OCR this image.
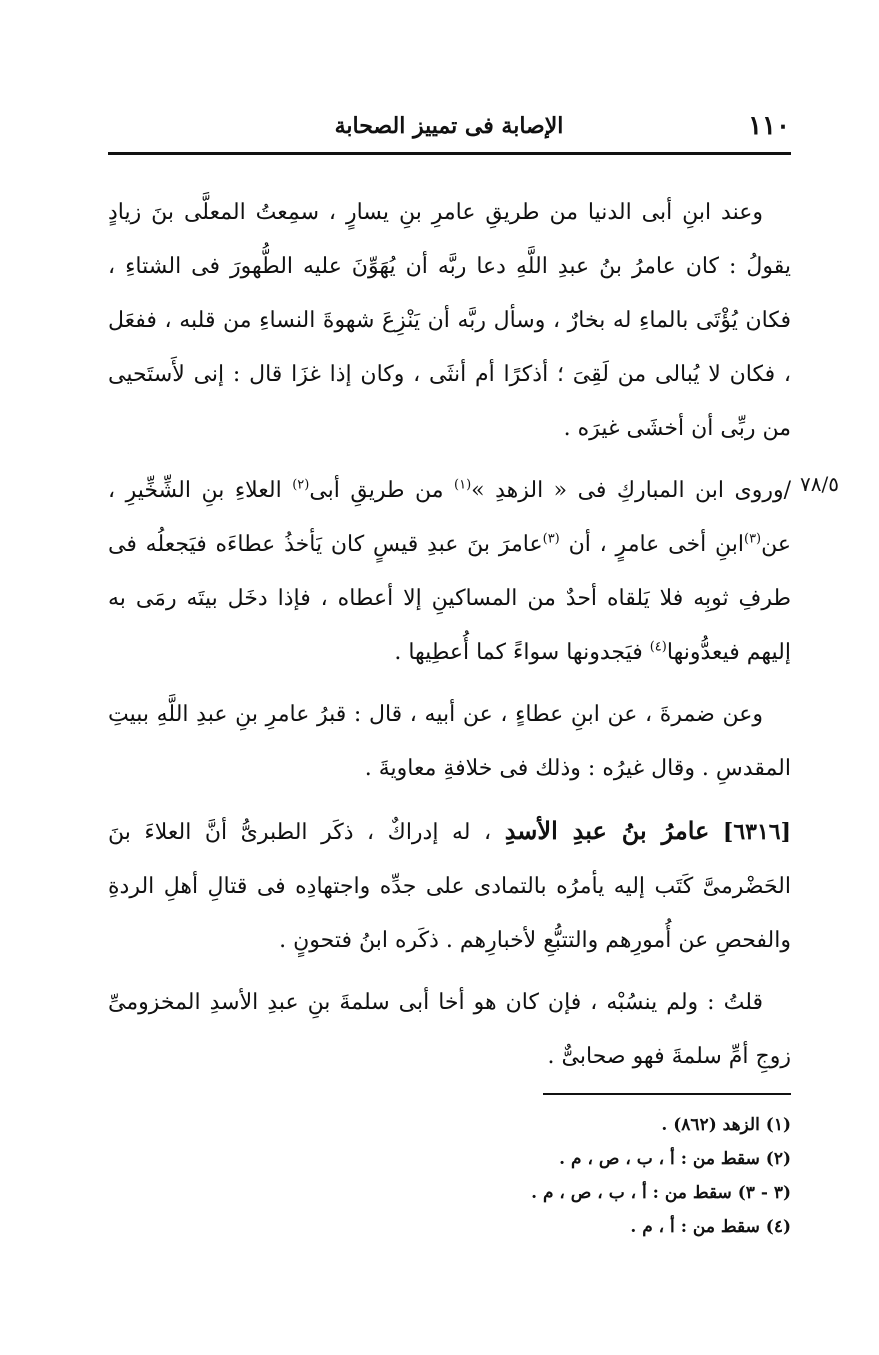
١١٠
الإصابة فى تمييز الصحابة
٧٨/٥

وعند ابنِ أبى الدنيا من طريقِ عامرِ بنِ يسارٍ ، سمِعتُ المعلَّى بنَ زيادٍ يقولُ : كان عامرُ بنُ عبدِ اللَّهِ دعا ربَّه أن يُهَوِّنَ عليه الطُّهورَ فى الشتاءِ ، فكان يُؤْتَى بالماءِ له بخارٌ ، وسأل ربَّه أن يَنْزِعَ شهوةَ النساءِ من قلبه ، ففعَل ، فكان لا يُبالى من لَقِىَ ؛ أذكرًا أم أنثَى ، وكان إذا غزَا قال : إنى لأَستَحيى من ربِّى أن أخشَى غيرَه .

/وروى ابن المباركِ فى « الزهدِ »$^{(١)}$ من طريقِ أبى$^{(٢)}$ العلاءِ بنِ الشِّخِّيرِ ، عن$^{(٣)}$ابنِ أخى عامرٍ ، أن $^{(٣)}$عامرَ بنَ عبدِ قيسٍ كان يَأخذُ عطاءَه فيَجعلُه فى طرفِ ثوبِه فلا يَلقاه أحدٌ من المساكينِ إلا أعطاه ، فإذا دخَل بيتَه رمَى به إليهم فيعدُّونها$^{(٤)}$ فيَجدونها سواءً كما أُعطِيها .

وعن ضمرةَ ، عن ابنِ عطاءٍ ، عن أبيه ، قال : قبرُ عامرِ بنِ عبدِ اللَّهِ ببيتِ المقدسِ . وقال غيرُه : وذلك فى خلافةِ معاويةَ .

[٦٣١٦] عامرُ بنُ عبدِ الأسدِ ، له إدراكٌ ، ذكَر الطبرىُّ أنَّ العلاءَ بنَ الحَضْرمىَّ كَتَب إليه يأمرُه بالتمادى على جدِّه واجتهادِه فى قتالِ أهلِ الردةِ والفحصِ عن أُمورِهم والتتبُّعِ لأخبارِهم . ذكَره ابنُ فتحونٍ .

قلتُ : ولم ينسُبْه ، فإن كان هو أخا أبى سلمةَ بنِ عبدِ الأسدِ المخزومىِّ زوجِ أمِّ سلمةَ فهو صحابىٌّ .

(١) الزهد (٨٦٢) .

(٢) سقط من : أ ، ب ، ص ، م .

(٣ - ٣) سقط من : أ ، ب ، ص ، م .

(٤) سقط من : أ ، م .
